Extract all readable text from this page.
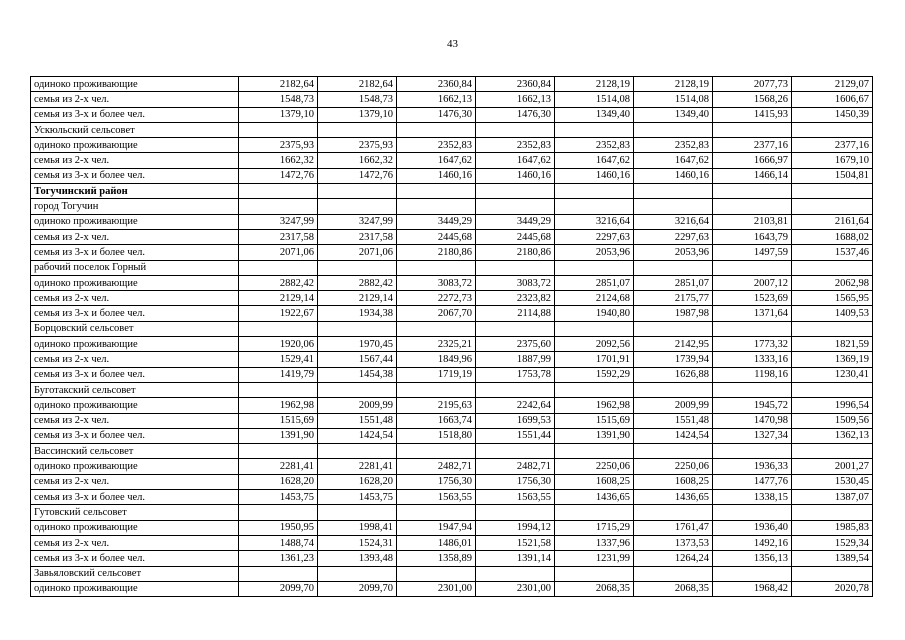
43
одиноко проживающие	2182,64	2182,64	2360,84	2360,84	2128,19	2128,19	2077,73	2129,07
семья из 2-х чел.	1548,73	1548,73	1662,13	1662,13	1514,08	1514,08	1568,26	1606,67
семья из 3-х и более чел.	1379,10	1379,10	1476,30	1476,30	1349,40	1349,40	1415,93	1450,39
Ускюльский сельсовет								
одиноко проживающие	2375,93	2375,93	2352,83	2352,83	2352,83	2352,83	2377,16	2377,16
семья из 2-х чел.	1662,32	1662,32	1647,62	1647,62	1647,62	1647,62	1666,97	1679,10
семья из 3-х и более чел.	1472,76	1472,76	1460,16	1460,16	1460,16	1460,16	1466,14	1504,81
Тогучинский район								
город Тогучин								
одиноко проживающие	3247,99	3247,99	3449,29	3449,29	3216,64	3216,64	2103,81	2161,64
семья из 2-х чел.	2317,58	2317,58	2445,68	2445,68	2297,63	2297,63	1643,79	1688,02
семья из 3-х и более чел.	2071,06	2071,06	2180,86	2180,86	2053,96	2053,96	1497,59	1537,46
рабочий поселок Горный								
одиноко проживающие	2882,42	2882,42	3083,72	3083,72	2851,07	2851,07	2007,12	2062,98
семья из 2-х чел.	2129,14	2129,14	2272,73	2323,82	2124,68	2175,77	1523,69	1565,95
семья из 3-х и более чел.	1922,67	1934,38	2067,70	2114,88	1940,80	1987,98	1371,64	1409,53
Борцовский сельсовет								
одиноко проживающие	1920,06	1970,45	2325,21	2375,60	2092,56	2142,95	1773,32	1821,59
семья из 2-х чел.	1529,41	1567,44	1849,96	1887,99	1701,91	1739,94	1333,16	1369,19
семья из 3-х и более чел.	1419,79	1454,38	1719,19	1753,78	1592,29	1626,88	1198,16	1230,41
Буготакский сельсовет								
одиноко проживающие	1962,98	2009,99	2195,63	2242,64	1962,98	2009,99	1945,72	1996,54
семья из 2-х чел.	1515,69	1551,48	1663,74	1699,53	1515,69	1551,48	1470,98	1509,56
семья из 3-х и более чел.	1391,90	1424,54	1518,80	1551,44	1391,90	1424,54	1327,34	1362,13
Вассинский сельсовет								
одиноко проживающие	2281,41	2281,41	2482,71	2482,71	2250,06	2250,06	1936,33	2001,27
семья из 2-х чел.	1628,20	1628,20	1756,30	1756,30	1608,25	1608,25	1477,76	1530,45
семья из 3-х и более чел.	1453,75	1453,75	1563,55	1563,55	1436,65	1436,65	1338,15	1387,07
Гутовский сельсовет								
одиноко проживающие	1950,95	1998,41	1947,94	1994,12	1715,29	1761,47	1936,40	1985,83
семья из 2-х чел.	1488,74	1524,31	1486,01	1521,58	1337,96	1373,53	1492,16	1529,34
семья из 3-х и более чел.	1361,23	1393,48	1358,89	1391,14	1231,99	1264,24	1356,13	1389,54
Завьяловский сельсовет								
одиноко проживающие	2099,70	2099,70	2301,00	2301,00	2068,35	2068,35	1968,42	2020,78
